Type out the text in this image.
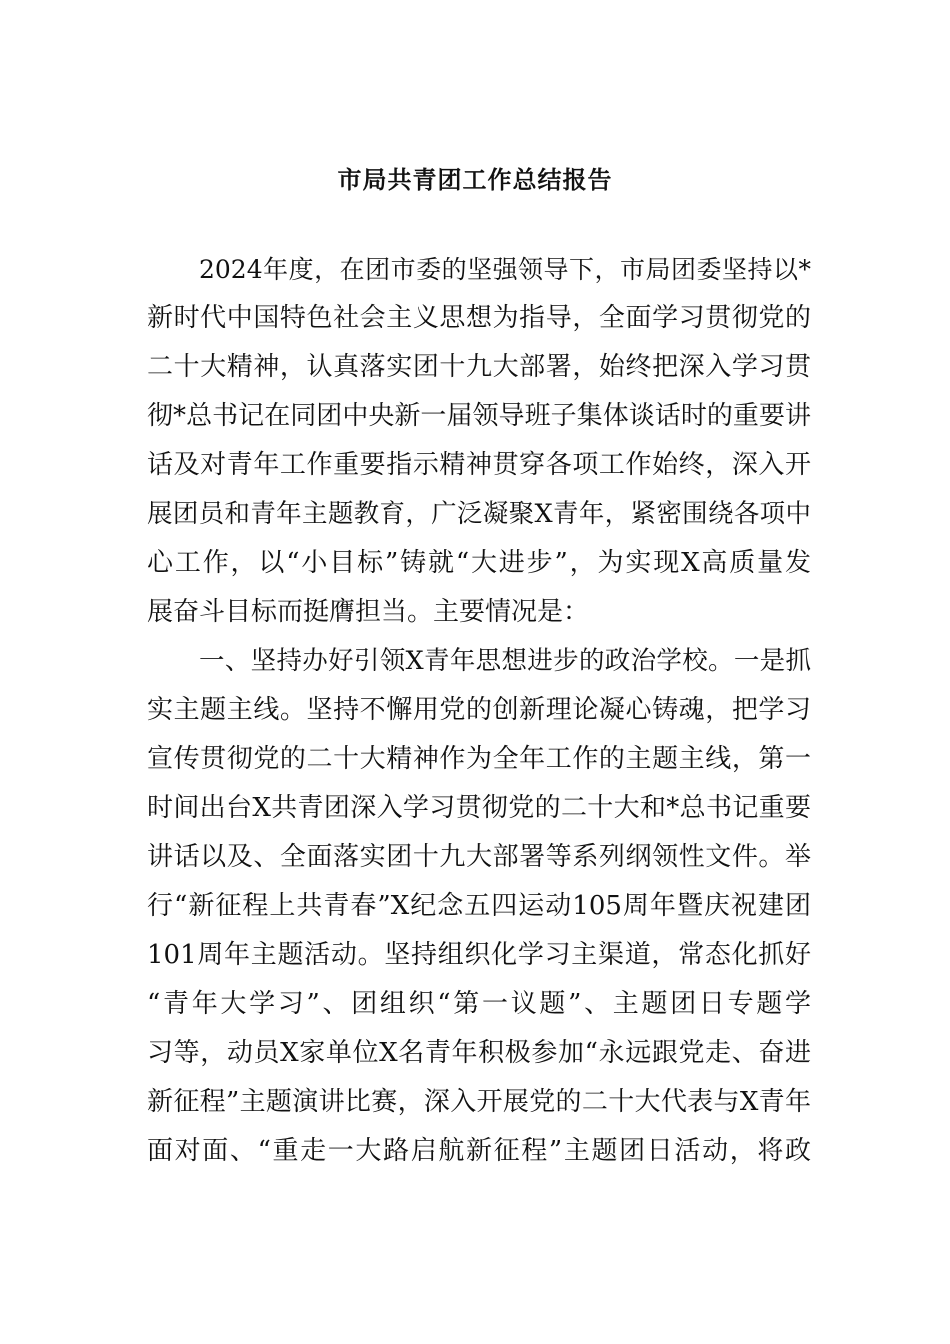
市局共青团工作总结报告
2024年度，在团市委的坚强领导下，市局团委坚持以*
新时代中国特色社会主义思想为指导，全面学习贯彻党的
二十大精神，认真落实团十九大部署，始终把深入学习贯
彻*总书记在同团中央新一届领导班子集体谈话时的重要讲
话及对青年工作重要指示精神贯穿各项工作始终，深入开
展团员和青年主题教育，广泛凝聚X青年，紧密围绕各项中
心工作，以“小目标”铸就“大进步”，为实现X高质量发
展奋斗目标而挺膺担当。主要情况是：
一、坚持办好引领X青年思想进步的政治学校。一是抓
实主题主线。坚持不懈用党的创新理论凝心铸魂，把学习
宣传贯彻党的二十大精神作为全年工作的主题主线，第一
时间出台X共青团深入学习贯彻党的二十大和*总书记重要
讲话以及、全面落实团十九大部署等系列纲领性文件。举
行“新征程上共青春”X纪念五四运动105周年暨庆祝建团
101周年主题活动。坚持组织化学习主渠道，常态化抓好
“青年大学习”、团组织“第一议题”、主题团日专题学
习等，动员X家单位X名青年积极参加“永远跟党走、奋进
新征程”主题演讲比赛，深入开展党的二十大代表与X青年
面对面、“重走一大路启航新征程”主题团日活动，将政
